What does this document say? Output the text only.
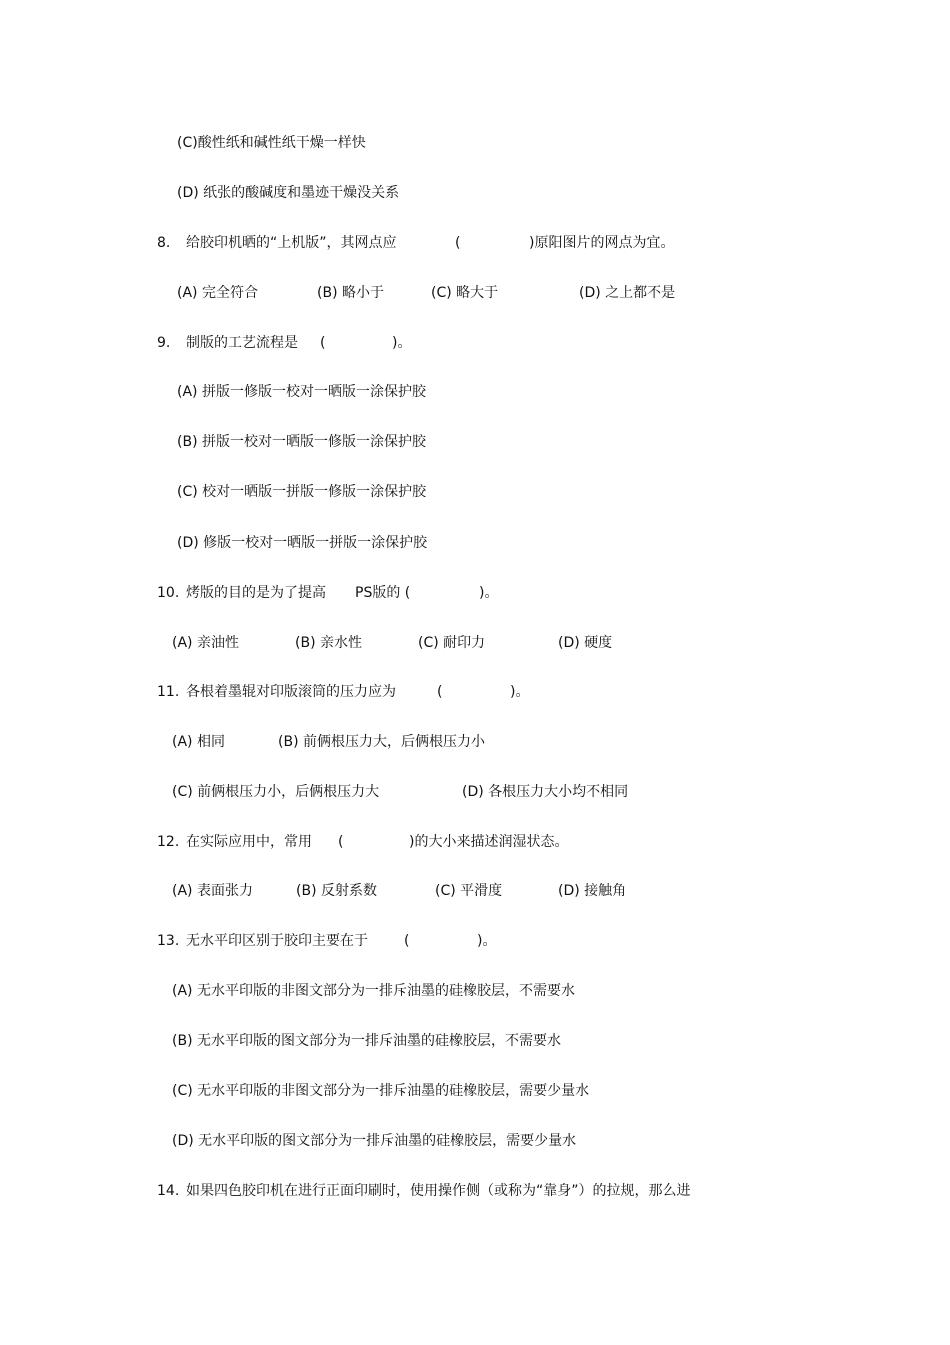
(C)酸性纸和碱性纸干燥一样快

(D) 纸张的酸碱度和墨迹干燥没关系

8.

给胶印机晒的“上机版”，其网点应

	(

	)原阳图片的网点为宜。

(A) 完全符合

	(B) 略小于

	(C) 略大于

	(D) 之上都不是

9.

制版的工艺流程是

(

	)。

(A) 拼版一修版一校对一晒版一涂保护胶

(B) 拼版一校对一晒版一修版一涂保护胶

(C) 校对一晒版一拼版一修版一涂保护胶

(D) 修版一校对一晒版一拼版一涂保护胶

10.

烤版的目的是为了提高

PS版的 (

	)。

(A) 亲油性

	(B) 亲水性

	(C) 耐印力

	(D) 硬度

11.

各根着墨辊对印版滚筒的压力应为

	(

	)。

(A) 相同

	(B) 前俩根压力大，后俩根压力小

(C) 前俩根压力小，后俩根压力大

	(D) 各根压力大小均不相同

12.

在实际应用中，常用

(

	)的大小来描述润湿状态。

(A) 表面张力

	(B) 反射系数

	(C) 平滑度

	(D) 接触角

13.

无水平印区别于胶印主要在于

	(

	)。

(A) 无水平印版的非图文部分为一排斥油墨的硅橡胶层，不需要水

(B) 无水平印版的图文部分为一排斥油墨的硅橡胶层，不需要水

(C) 无水平印版的非图文部分为一排斥油墨的硅橡胶层，需要少量水

(D) 无水平印版的图文部分为一排斥油墨的硅橡胶层，需要少量水

14.

如果四色胶印机在进行正面印刷时，使用操作侧（或称为“靠身”）的拉规，那么进
